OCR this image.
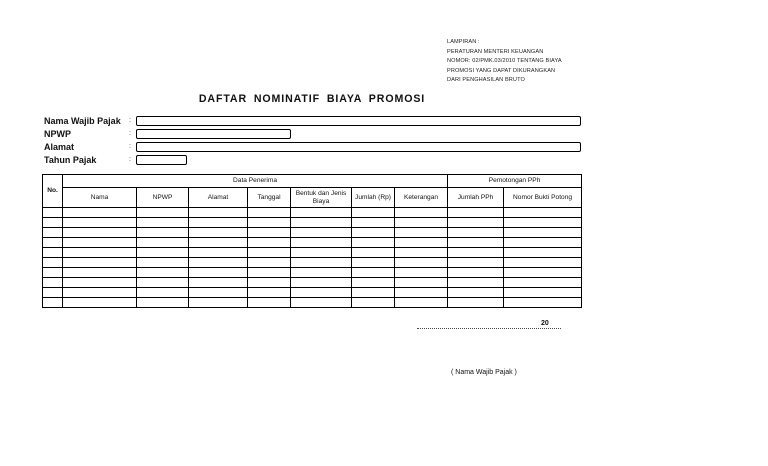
LAMPIRAN :
PERATURAN MENTERI KEUANGAN
NOMOR: 02/PMK.03/2010 TENTANG BIAYA
PROMOSI YANG DAPAT DIKURANGKAN
DARI PENGHASILAN BRUTO
DAFTAR NOMINATIF BIAYA PROMOSI
Nama Wajib Pajak :
NPWP	:
Alamat	:
Tahun Pajak	:
No.	Data Penerima							Pemotongan PPh	
	Nama	NPWP	Alamat	Tanggal	Bentuk dan Jenis Biaya	Jumlah (Rp)	Keterangan	Jumlah PPh	Nomor Bukti Potong

20
( Nama Wajib Pajak )
